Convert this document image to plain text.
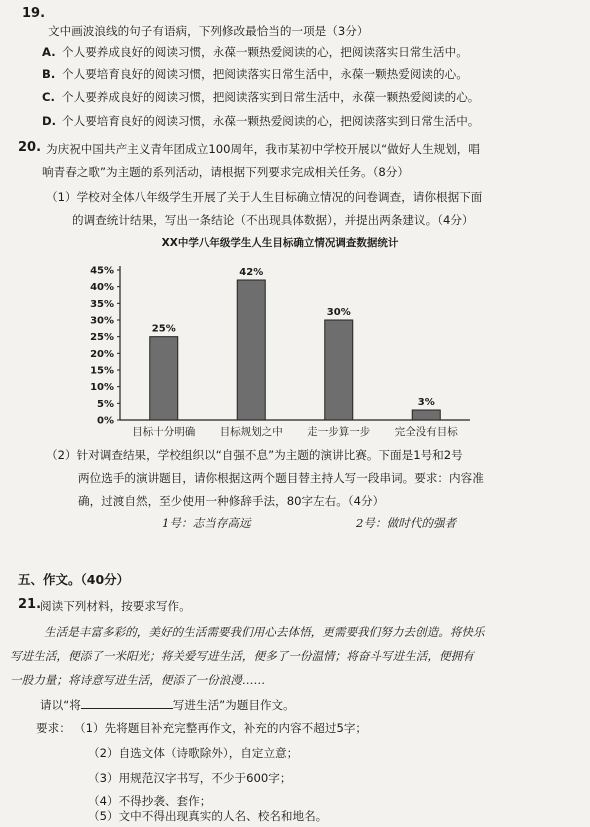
19.
文中画波浪线的句子有语病，下列修改最恰当的一项是（3分）
A. 个人要养成良好的阅读习惯，永葆一颗热爱阅读的心，把阅读落实日常生活中。
B. 个人要培育良好的阅读习惯，把阅读落实日常生活中，永葆一颗热爱阅读的心。
C. 个人要养成良好的阅读习惯，把阅读落实到日常生活中，永葆一颗热爱阅读的心。
D. 个人要培育良好的阅读习惯，永葆一颗热爱阅读的心，把阅读落实到日常生活中。
20. 为庆祝中国共产主义青年团成立100周年，我市某初中学校开展以“做好人生规划，唱
响青春之歌”为主题的系列活动，请根据下列要求完成相关任务。（8分）
（1）学校对全体八年级学生开展了关于人生目标确立情况的问卷调查，请你根据下面
的调查统计结果，写出一条结论（不出现具体数据），并提出两条建议。（4分）
XX中学八年级学生人生目标确立情况调查数据统计
0%
5%
10%
15%
20%
25%
30%
35%
40%
45%
目标十分明确 目标规划之中 走一步算一步 完全没有目标
25%
42%
30%
3%
（2）针对调查结果，学校组织以“自强不息”为主题的演讲比赛。下面是1号和2号
两位选手的演讲题目，请你根据这两个题目替主持人写一段串词。要求：内容准
确，过渡自然，至少使用一种修辞手法，80字左右。（4分）
1号：志当存高远	2号：做时代的强者
五、作文。（40分）
21.
阅读下列材料，按要求写作。
生活是丰富多彩的，美好的生活需要我们用心去体悟，更需要我们努力去创造。将快乐
写进生活，便添了一米阳光；将关爱写进生活，便多了一份温情；将奋斗写进生活，便拥有
一股力量；将诗意写进生活，便添了一份浪漫……
请以“将	写进生活”为题目作文。
要求： （1）先将题目补充完整再作文，补充的内容不超过5字；
（2）自选文体（诗歌除外），自定立意；
（3）用规范汉字书写，不少于600字；
（4）不得抄袭、套作；
（5）文中不得出现真实的人名、校名和地名。
